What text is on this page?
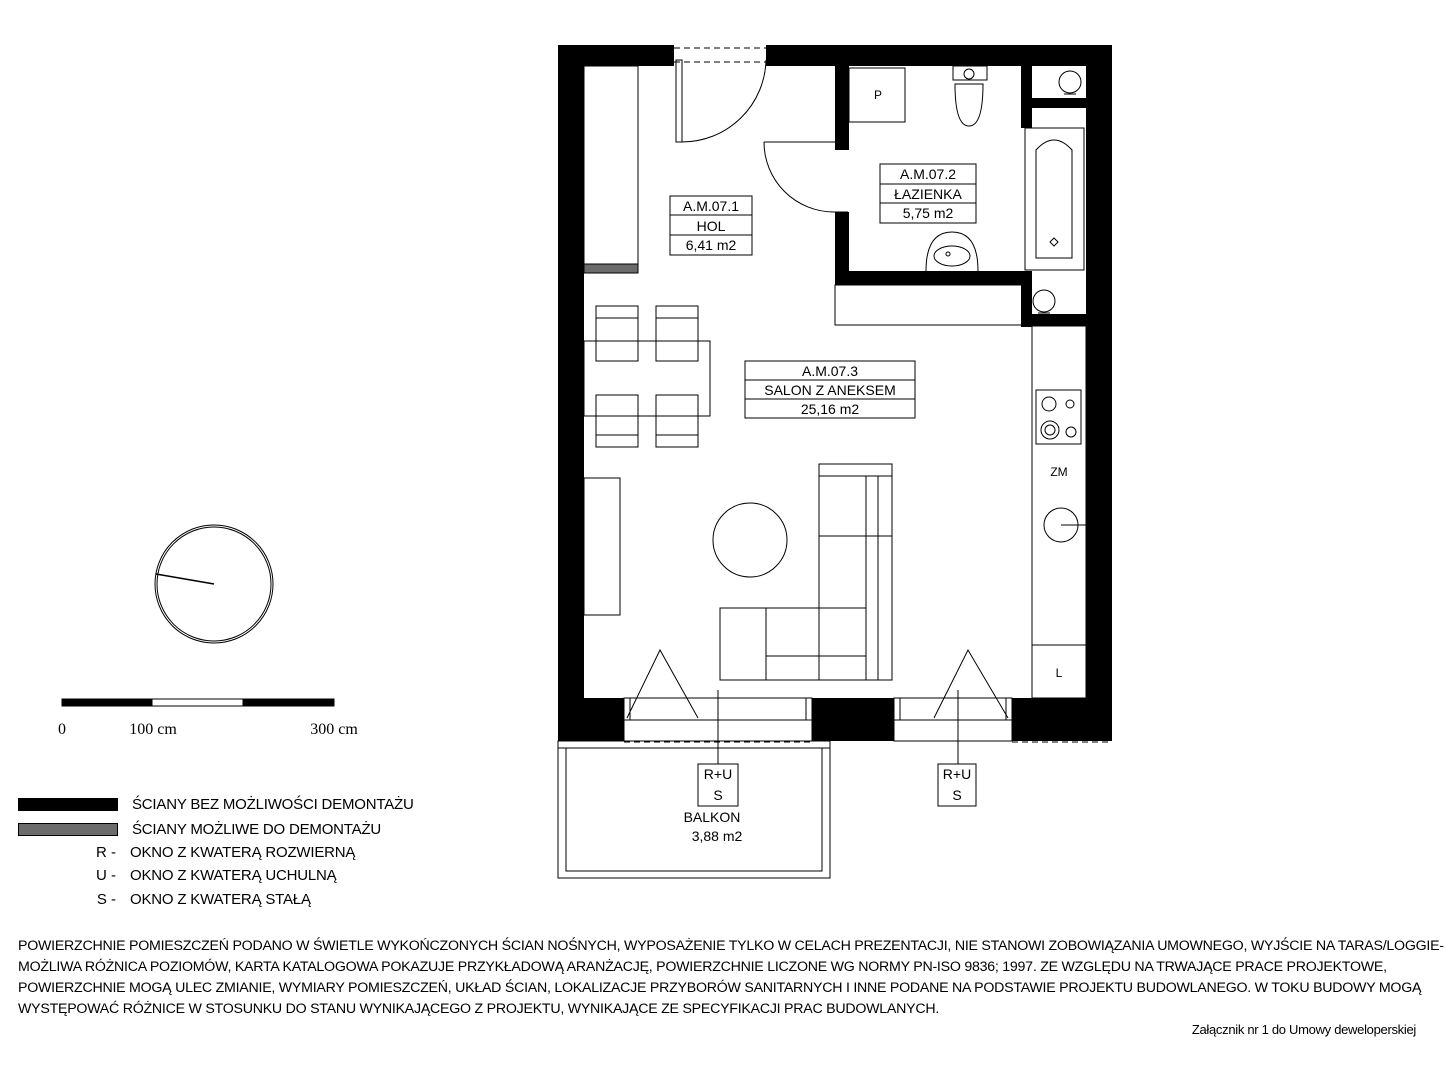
A.M.07.1
HOL
6,41 m2
A.M.07.2
ŁAZIENKA
5,75 m2
A.M.07.3
SALON Z ANEKSEM
25,16 m2
BALKON
3,88 m2
R+U
S
R+U
S
P
ZM
L
0	100 cm	300 cm
ŚCIANY BEZ MOŻLIWOŚCI DEMONTAŻU
ŚCIANY MOŻLIWE DO DEMONTAŻU
R - OKNO Z KWATERĄ ROZWIERNĄ
U - OKNO Z KWATERĄ UCHULNĄ
S - OKNO Z KWATERĄ STAŁĄ
POWIERZCHNIE POMIESZCZEŃ PODANO W ŚWIETLE WYKOŃCZONYCH ŚCIAN NOŚNYCH, WYPOSAŻENIE TYLKO W CELACH PREZENTACJI, NIE STANOWI ZOBOWIĄZANIA UMOWNEGO, WYJŚCIE NA TARAS/LOGGIE-
MOŻLIWA RÓŻNICA POZIOMÓW, KARTA KATALOGOWA POKAZUJE PRZYKŁADOWĄ ARANŻACJĘ, POWIERZCHNIE LICZONE WG NORMY PN-ISO 9836; 1997. ZE WZGLĘDU NA TRWAJĄCE PRACE PROJEKTOWE,
POWIERZCHNIE MOGĄ ULEC ZMIANIE, WYMIARY POMIESZCZEŃ, UKŁAD ŚCIAN, LOKALIZACJE PRZYBORÓW SANITARNYCH I INNE PODANE NA PODSTAWIE PROJEKTU BUDOWLANEGO. W TOKU BUDOWY MOGĄ
WYSTĘPOWAĆ RÓŻNICE W STOSUNKU DO STANU WYNIKAJĄCEGO Z PROJEKTU, WYNIKAJĄCE ZE SPECYFIKACJI PRAC BUDOWLANYCH.
Załącznik nr 1 do Umowy deweloperskiej
